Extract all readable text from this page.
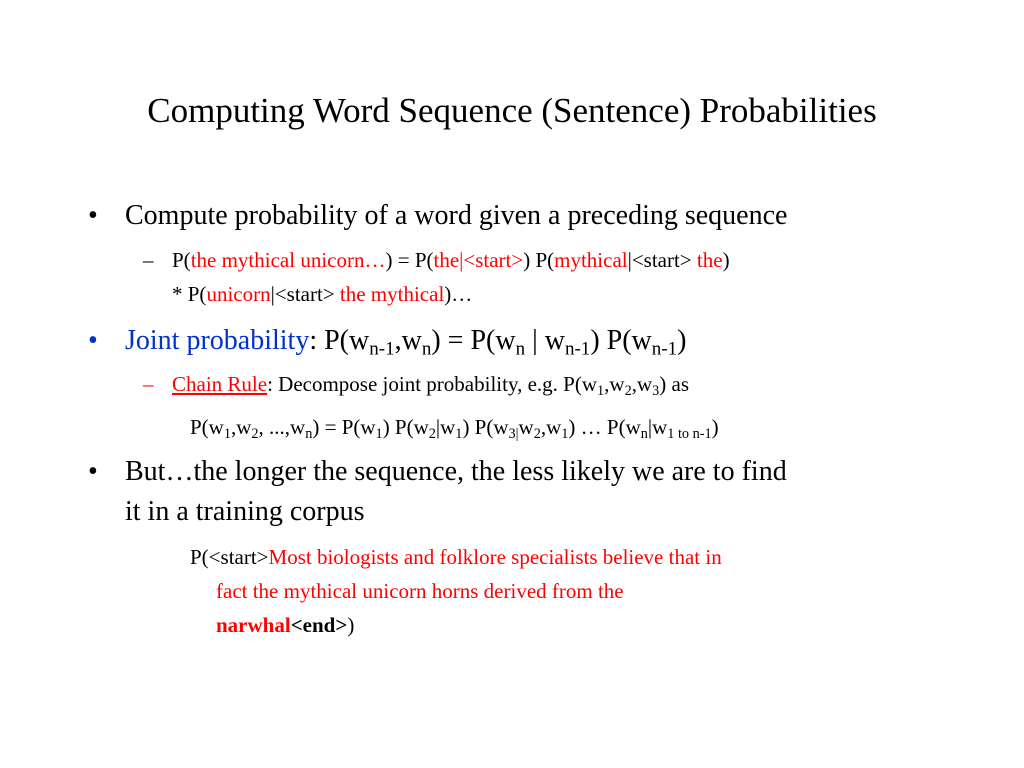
Computing Word Sequence (Sentence) Probabilities
• Compute probability of a word given a preceding sequence
– P(the mythical unicorn…) = P(the|<start>) P(mythical|<start> the)
* P(unicorn|<start> the mythical)…
• Joint probability: $P(w_{n-1},w_n) = P(w_n$ | $w_{n-1}$) $P(w_{n-1})$
– Chain Rule: Decompose joint probability, e.g. $P(w_1,w_2,w_3)$ as
$P(w_1,w_2$, $...,w_n) = P(w_1)$ $P(w_2|w_1)$ $P(w_{3|}w_2,w_1)$ … $P(w_n|w_{1 to n-1})$
• But…the longer the sequence, the less likely we are to find
it in a training corpus
P(<start>Most biologists and folklore specialists believe that in
fact the mythical unicorn horns derived from the
narwhal<end>)
